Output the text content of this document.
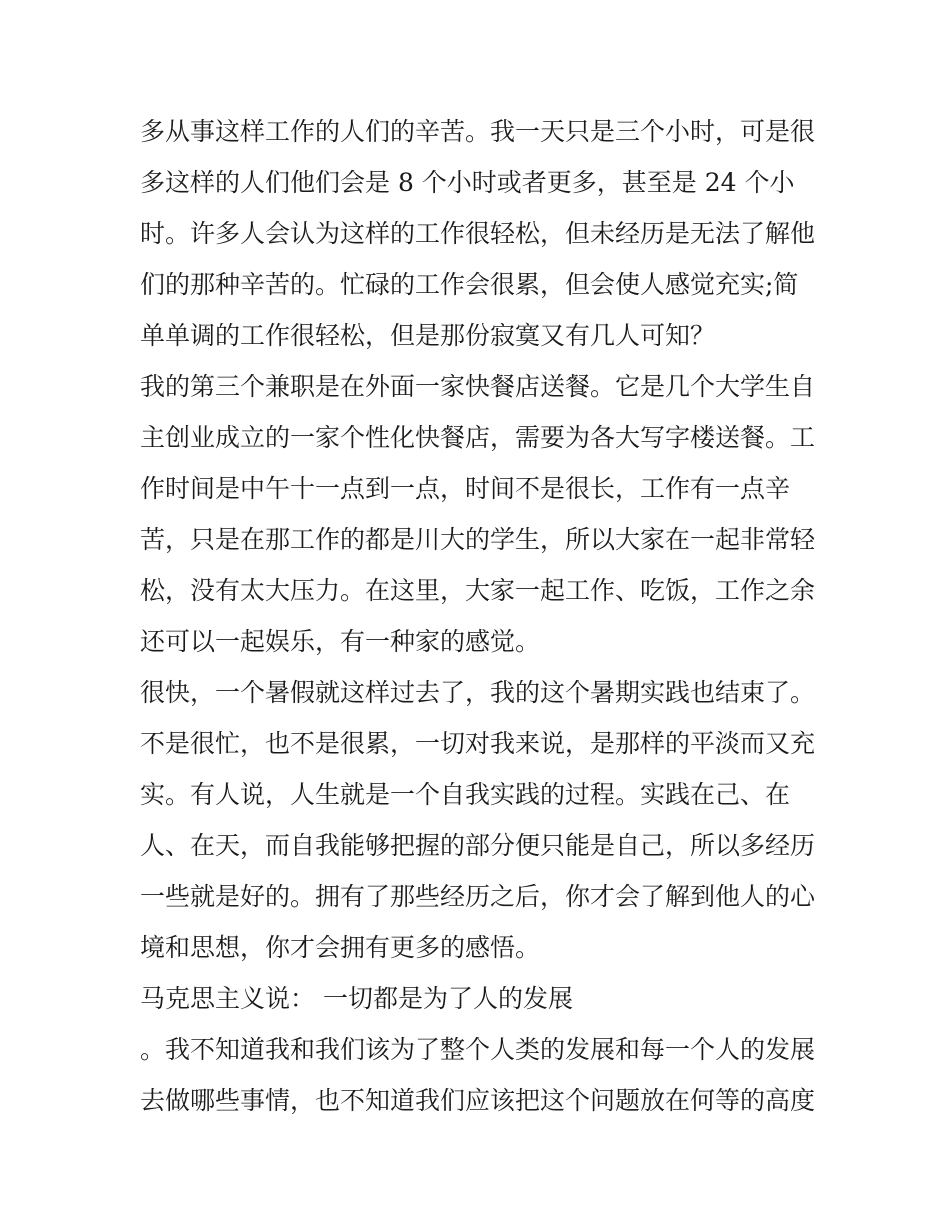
多从事这样工作的人们的辛苦。我一天只是三个小时，可是很
多这样的人们他们会是 8 个小时或者更多，甚至是 24 个小
时。许多人会认为这样的工作很轻松，但未经历是无法了解他
们的那种辛苦的。忙碌的工作会很累，但会使人感觉充实;简
单单调的工作很轻松，但是那份寂寞又有几人可知？
我的第三个兼职是在外面一家快餐店送餐。它是几个大学生自
主创业成立的一家个性化快餐店，需要为各大写字楼送餐。工
作时间是中午十一点到一点，时间不是很长，工作有一点辛
苦，只是在那工作的都是川大的学生，所以大家在一起非常轻
松，没有太大压力。在这里，大家一起工作、吃饭，工作之余
还可以一起娱乐，有一种家的感觉。
很快，一个暑假就这样过去了，我的这个暑期实践也结束了。
不是很忙，也不是很累，一切对我来说，是那样的平淡而又充
实。有人说，人生就是一个自我实践的过程。实践在己、在
人、在天，而自我能够把握的部分便只能是自己，所以多经历
一些就是好的。拥有了那些经历之后，你才会了解到他人的心
境和思想，你才会拥有更多的感悟。
马克思主义说： 一切都是为了人的发展
。我不知道我和我们该为了整个人类的发展和每一个人的发展
去做哪些事情，也不知道我们应该把这个问题放在何等的高度
